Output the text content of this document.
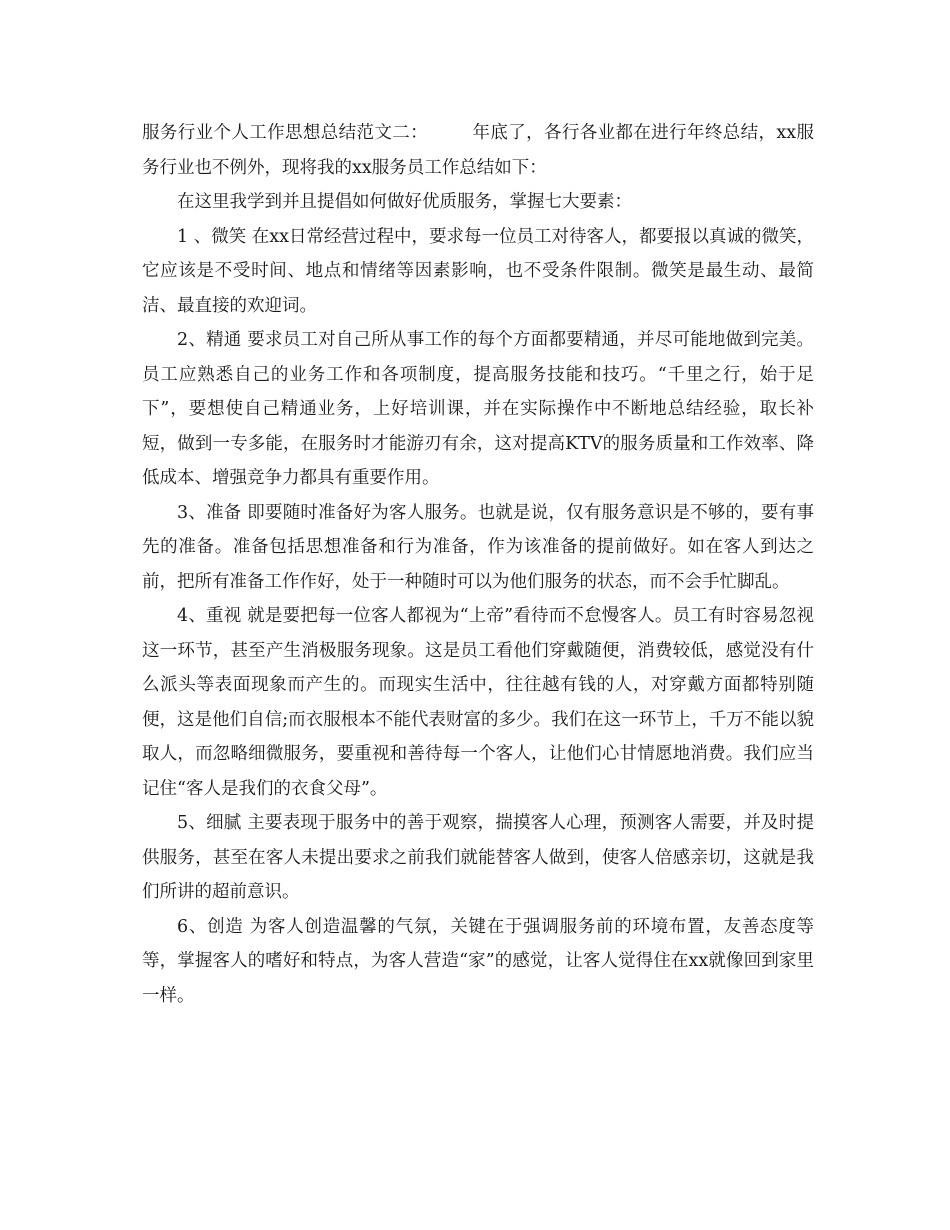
服务行业个人工作思想总结范文二：	年底了，各行各业都在进行年终总结，xx服务行业也不例外，现将我的xx服务员工作总结如下：

在这里我学到并且提倡如何做好优质服务，掌握七大要素：

1 、微笑 在xx日常经营过程中，要求每一位员工对待客人，都要报以真诚的微笑，它应该是不受时间、地点和情绪等因素影响，也不受条件限制。微笑是最生动、最简洁、最直接的欢迎词。

2、精通 要求员工对自己所从事工作的每个方面都要精通，并尽可能地做到完美。员工应熟悉自己的业务工作和各项制度，提高服务技能和技巧。“千里之行，始于足下”，要想使自己精通业务，上好培训课，并在实际操作中不断地总结经验，取长补短，做到一专多能，在服务时才能游刃有余，这对提高KTV的服务质量和工作效率、降低成本、增强竞争力都具有重要作用。

3、准备 即要随时准备好为客人服务。也就是说，仅有服务意识是不够的，要有事先的准备。准备包括思想准备和行为准备，作为该准备的提前做好。如在客人到达之前，把所有准备工作作好，处于一种随时可以为他们服务的状态，而不会手忙脚乱。

4、重视 就是要把每一位客人都视为“上帝”看待而不怠慢客人。员工有时容易忽视这一环节，甚至产生消极服务现象。这是员工看他们穿戴随便，消费较低，感觉没有什么派头等表面现象而产生的。而现实生活中，往往越有钱的人，对穿戴方面都特别随便，这是他们自信;而衣服根本不能代表财富的多少。我们在这一环节上，千万不能以貌取人，而忽略细微服务，要重视和善待每一个客人，让他们心甘情愿地消费。我们应当记住“客人是我们的衣食父母”。

5、细腻 主要表现于服务中的善于观察，揣摸客人心理，预测客人需要，并及时提供服务，甚至在客人未提出要求之前我们就能替客人做到，使客人倍感亲切，这就是我们所讲的超前意识。

6、创造 为客人创造温馨的气氛，关键在于强调服务前的环境布置，友善态度等等，掌握客人的嗜好和特点，为客人营造“家”的感觉，让客人觉得住在xx就像回到家里一样。
